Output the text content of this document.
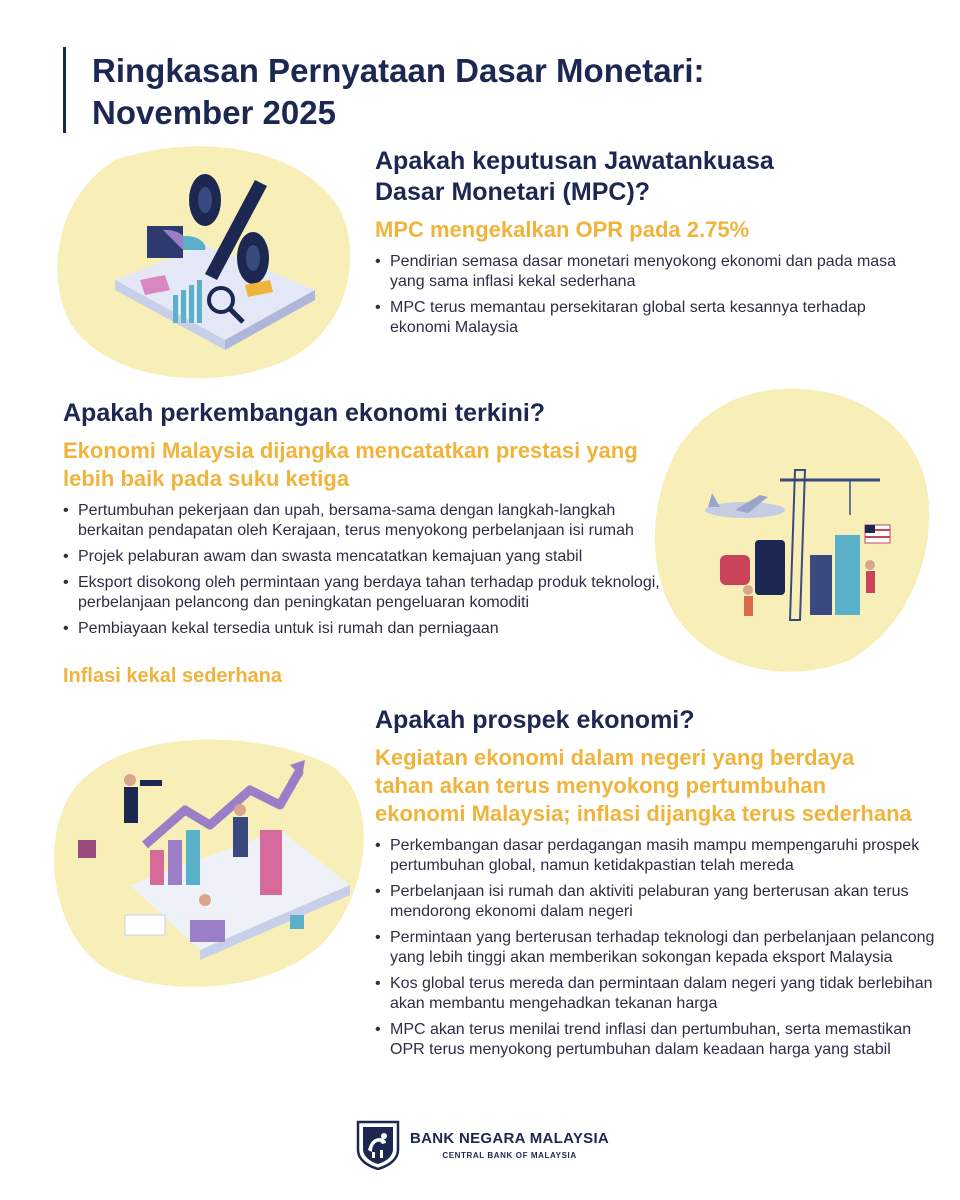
Ringkasan Pernyataan Dasar Monetari:
November 2025
Apakah keputusan Jawatankuasa
Dasar Monetari (MPC)?

MPC mengekalkan OPR pada 2.75%

• Pendirian semasa dasar monetari menyokong ekonomi dan pada masa yang sama inflasi kekal sederhana
• MPC terus memantau persekitaran global serta kesannya terhadap ekonomi Malaysia
Apakah perkembangan ekonomi terkini?

Ekonomi Malaysia dijangka mencatatkan prestasi yang
lebih baik pada suku ketiga

• Pertumbuhan pekerjaan dan upah, bersama-sama dengan langkah-langkah berkaitan pendapatan oleh Kerajaan, terus menyokong perbelanjaan isi rumah
• Projek pelaburan awam dan swasta mencatatkan kemajuan yang stabil
• Eksport disokong oleh permintaan yang berdaya tahan terhadap produk teknologi, perbelanjaan pelancong dan peningkatan pengeluaran komoditi
• Pembiayaan kekal tersedia untuk isi rumah dan perniagaan

Inflasi kekal sederhana

Apakah prospek ekonomi?

Kegiatan ekonomi dalam negeri yang berdaya
tahan akan terus menyokong pertumbuhan
ekonomi Malaysia; inflasi dijangka terus sederhana

• Perkembangan dasar perdagangan masih mampu mempengaruhi prospek pertumbuhan global, namun ketidakpastian telah mereda
• Perbelanjaan isi rumah dan aktiviti pelaburan yang berterusan akan terus mendorong ekonomi dalam negeri
• Permintaan yang berterusan terhadap teknologi dan perbelanjaan pelancong yang lebih tinggi akan memberikan sokongan kepada eksport Malaysia
• Kos global terus mereda dan permintaan dalam negeri yang tidak berlebihan akan membantu mengehadkan tekanan harga
• MPC akan terus menilai trend inflasi dan pertumbuhan, serta memastikan OPR terus menyokong pertumbuhan dalam keadaan harga yang stabil
BANK NEGARA MALAYSIA
CENTRAL BANK OF MALAYSIA
